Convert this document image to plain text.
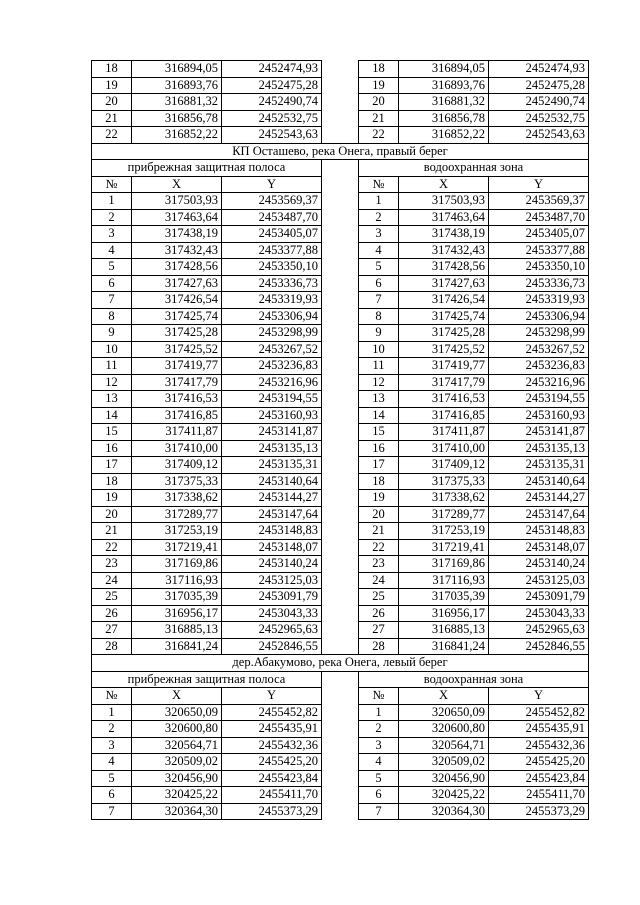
18	316894,05	2452474,93		18	316894,05	2452474,93
19	316893,76	2452475,28		19	316893,76	2452475,28
20	316881,32	2452490,74		20	316881,32	2452490,74
21	316856,78	2452532,75		21	316856,78	2452532,75
22	316852,22	2452543,63		22	316852,22	2452543,63
КП Осташево, река Онега, правый берег						
прибрежная защитная полоса				водоохранная зона		
№	X	Y		№	X	Y
1	317503,93	2453569,37		1	317503,93	2453569,37
2	317463,64	2453487,70		2	317463,64	2453487,70
3	317438,19	2453405,07		3	317438,19	2453405,07
4	317432,43	2453377,88		4	317432,43	2453377,88
5	317428,56	2453350,10		5	317428,56	2453350,10
6	317427,63	2453336,73		6	317427,63	2453336,73
7	317426,54	2453319,93		7	317426,54	2453319,93
8	317425,74	2453306,94		8	317425,74	2453306,94
9	317425,28	2453298,99		9	317425,28	2453298,99
10	317425,52	2453267,52		10	317425,52	2453267,52
11	317419,77	2453236,83		11	317419,77	2453236,83
12	317417,79	2453216,96		12	317417,79	2453216,96
13	317416,53	2453194,55		13	317416,53	2453194,55
14	317416,85	2453160,93		14	317416,85	2453160,93
15	317411,87	2453141,87		15	317411,87	2453141,87
16	317410,00	2453135,13		16	317410,00	2453135,13
17	317409,12	2453135,31		17	317409,12	2453135,31
18	317375,33	2453140,64		18	317375,33	2453140,64
19	317338,62	2453144,27		19	317338,62	2453144,27
20	317289,77	2453147,64		20	317289,77	2453147,64
21	317253,19	2453148,83		21	317253,19	2453148,83
22	317219,41	2453148,07		22	317219,41	2453148,07
23	317169,86	2453140,24		23	317169,86	2453140,24
24	317116,93	2453125,03		24	317116,93	2453125,03
25	317035,39	2453091,79		25	317035,39	2453091,79
26	316956,17	2453043,33		26	316956,17	2453043,33
27	316885,13	2452965,63		27	316885,13	2452965,63
28	316841,24	2452846,55		28	316841,24	2452846,55
дер.Абакумово, река Онега, левый берег						
прибрежная защитная полоса				водоохранная зона		
№	X	Y		№	X	Y
1	320650,09	2455452,82		1	320650,09	2455452,82
2	320600,80	2455435,91		2	320600,80	2455435,91
3	320564,71	2455432,36		3	320564,71	2455432,36
4	320509,02	2455425,20		4	320509,02	2455425,20
5	320456,90	2455423,84		5	320456,90	2455423,84
6	320425,22	2455411,70		6	320425,22	2455411,70
7	320364,30	2455373,29		7	320364,30	2455373,29
